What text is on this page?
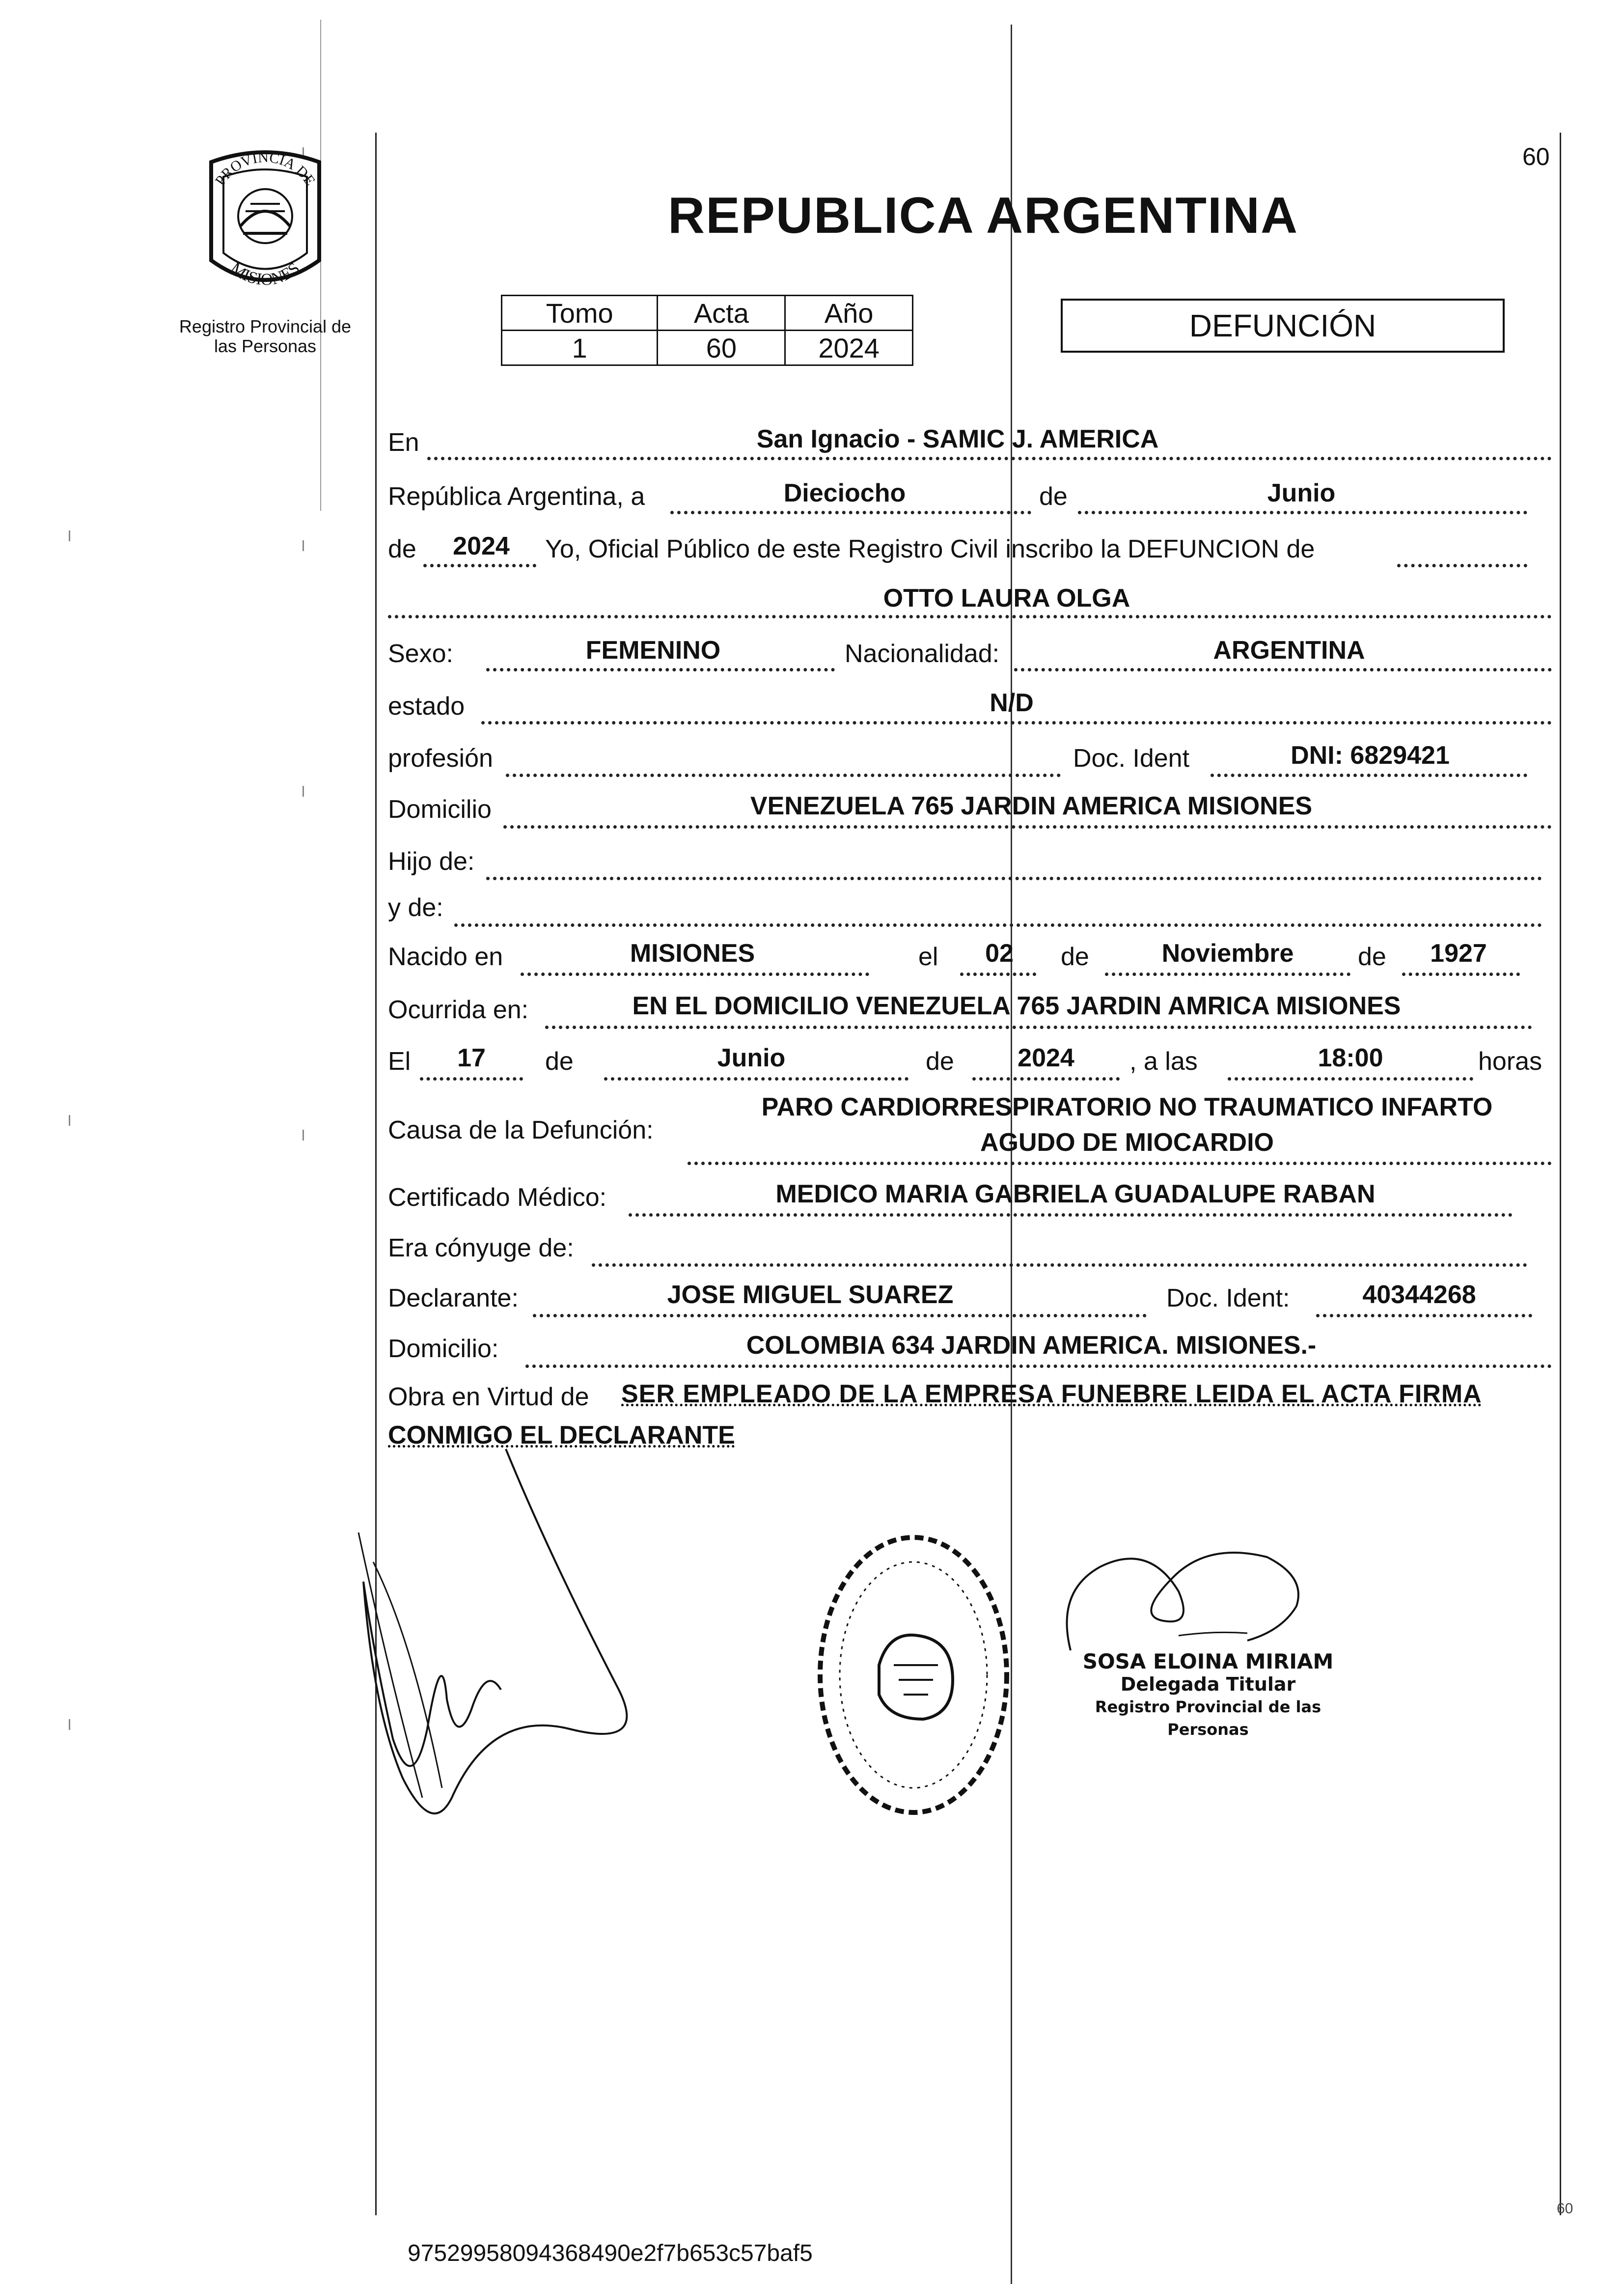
PROVINCIA DE
MISIONES
Registro Provincial de
las Personas
60
REPUBLICA ARGENTINA
Tomo	Acta	Año
1	60	2024
DEFUNCIÓN
En	San Ignacio - SAMIC J. AMERICA
República Argentina, a	Dieciocho	de	Junio
de	2024	Yo, Oficial Público de este Registro Civil inscribo la DEFUNCION de
OTTO LAURA OLGA
Sexo:	FEMENINO	Nacionalidad:	ARGENTINA
estado	N/D
profesión	Doc. Ident	DNI: 6829421
Domicilio	VENEZUELA 765 JARDIN AMERICA MISIONES
Hijo de:
y de:
Nacido en	MISIONES	el	02	de	Noviembre	de	1927
Ocurrida en:	EN EL DOMICILIO VENEZUELA 765 JARDIN AMRICA MISIONES
El	17	de	Junio	de	2024	, a las	18:00	horas
Causa de la Defunción:
PARO CARDIORRESPIRATORIO NO TRAUMATICO INFARTO
AGUDO DE MIOCARDIO
Certificado Médico:	MEDICO MARIA GABRIELA GUADALUPE RABAN
Era cónyuge de:
Declarante:	JOSE MIGUEL SUAREZ	Doc. Ident:	40344268
Domicilio:	COLOMBIA 634 JARDIN AMERICA. MISIONES.-
Obra en Virtud de SER EMPLEADO DE LA EMPRESA FUNEBRE LEIDA EL ACTA FIRMA
CONMIGO EL DECLARANTE
SOSA ELOINA MIRIAM
Delegada Titular
Registro Provincial de las Personas
60
97529958094368490e2f7b653c57baf5
